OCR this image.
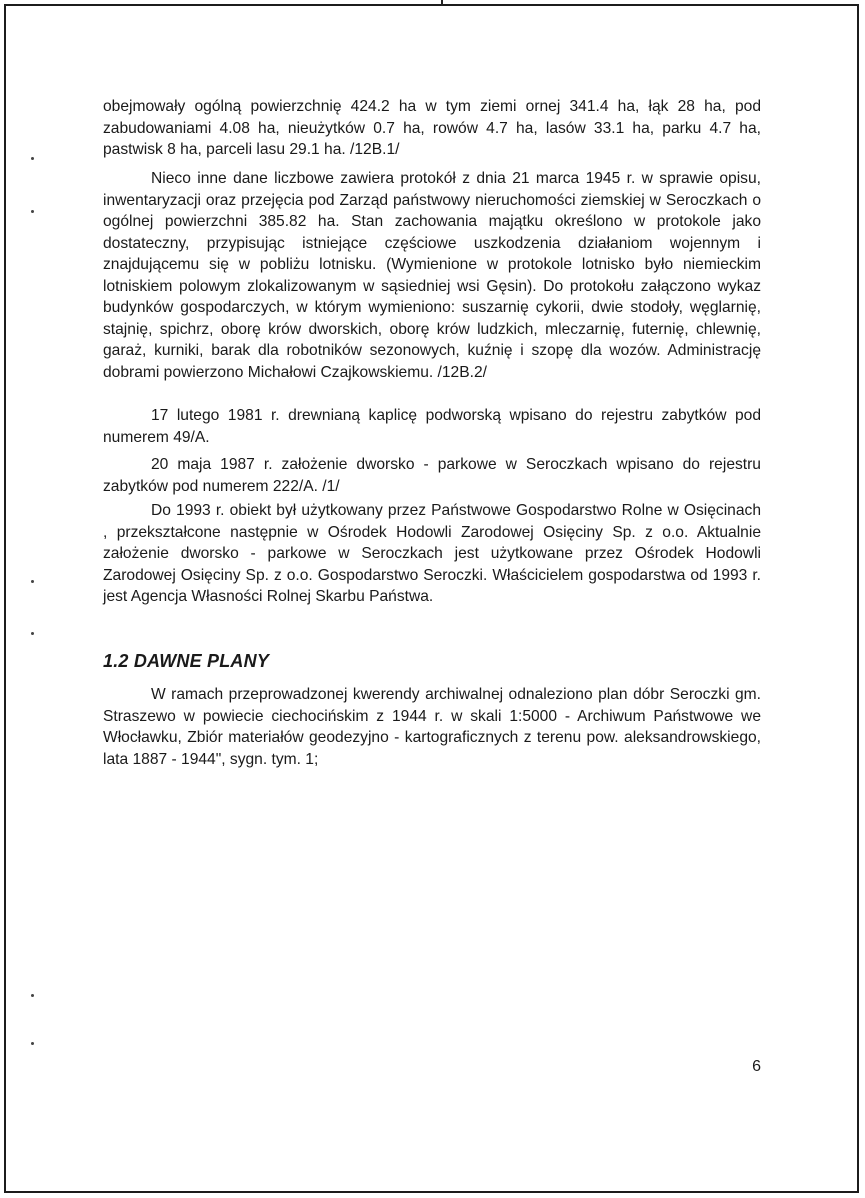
obejmowały ogólną powierzchnię 424.2 ha w tym ziemi ornej 341.4 ha, łąk 28 ha, pod zabudowaniami 4.08 ha, nieużytków 0.7 ha, rowów 4.7 ha, lasów 33.1 ha, parku 4.7 ha, pastwisk 8 ha, parceli lasu 29.1 ha. /12B.1/

Nieco inne dane liczbowe zawiera protokół z dnia 21 marca 1945 r. w sprawie opisu, inwentaryzacji oraz przejęcia pod Zarząd państwowy nieruchomości ziemskiej w Seroczkach o ogólnej powierzchni 385.82 ha. Stan zachowania majątku określono w protokole jako dostateczny, przypisując istniejące częściowe uszkodzenia działaniom wojennym i znajdującemu się w pobliżu lotnisku. (Wymienione w protokole lotnisko było niemieckim lotniskiem polowym zlokalizowanym w sąsiedniej wsi Gęsin). Do protokołu załączono wykaz budynków gospodarczych, w którym wymieniono: suszarnię cykorii, dwie stodoły, węglarnię, stajnię, spichrz, oborę krów dworskich, oborę krów ludzkich, mleczarnię, futernię, chlewnię, garaż, kurniki, barak dla robotników sezonowych, kuźnię i szopę dla wozów. Administrację dobrami powierzono Michałowi Czajkowskiemu. /12B.2/

17 lutego 1981 r. drewnianą kaplicę podworską wpisano do rejestru zabytków pod numerem 49/A.

20 maja 1987 r. założenie dworsko - parkowe w Seroczkach wpisano do rejestru zabytków pod numerem 222/A. /1/

Do 1993 r. obiekt był użytkowany przez Państwowe Gospodarstwo Rolne w Osięcinach , przekształcone następnie w Ośrodek Hodowli Zarodowej Osięciny Sp. z o.o. Aktualnie założenie dworsko - parkowe w Seroczkach jest użytkowane przez Ośrodek Hodowli Zarodowej Osięciny Sp. z o.o. Gospodarstwo Seroczki. Właścicielem gospodarstwa od 1993 r. jest Agencja Własności Rolnej Skarbu Państwa.

1.2 DAWNE PLANY

W ramach przeprowadzonej kwerendy archiwalnej odnaleziono plan dóbr Seroczki gm. Straszewo w powiecie ciechocińskim z 1944 r. w skali 1:5000 - Archiwum Państwowe we Włocławku, Zbiór materiałów geodezyjno - kartograficznych z terenu pow. aleksandrowskiego, lata 1887 - 1944", sygn. tym. 1;

6
